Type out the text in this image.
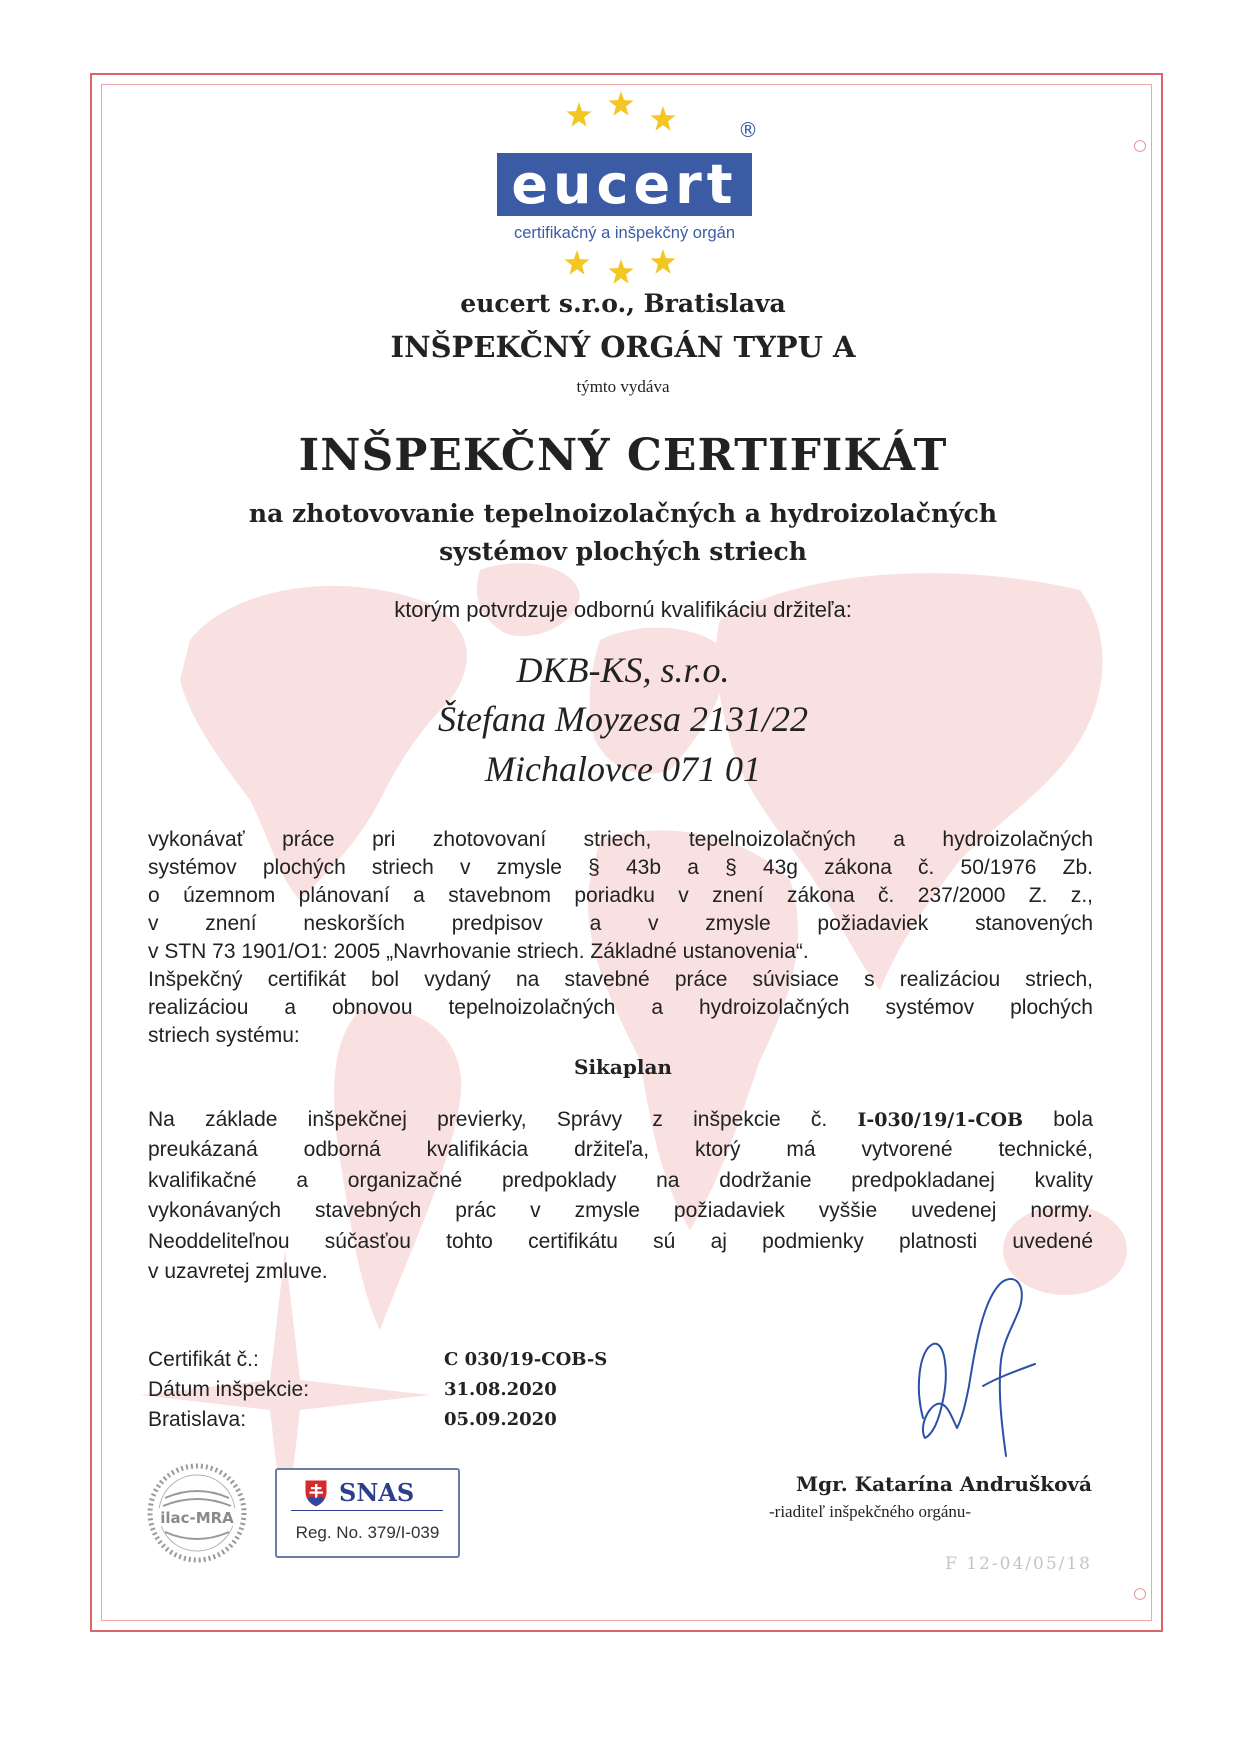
®
eucert
certifikačný a inšpekčný orgán
eucert s.r.o., Bratislava
INŠPEKČNÝ ORGÁN TYPU A
týmto vydáva
INŠPEKČNÝ CERTIFIKÁT
na zhotovovanie tepelnoizolačných a hydroizolačných
systémov plochých striech
ktorým potvrdzuje odbornú kvalifikáciu držiteľa:
DKB-KS, s.r.o.
Štefana Moyzesa 2131/22
Michalovce 071 01
vykonávať práce pri zhotovovaní striech, tepelnoizolačných a hydroizolačných
systémov plochých striech v zmysle § 43b a § 43g zákona č. 50/1976 Zb.
o územnom plánovaní a stavebnom poriadku v znení zákona č. 237/2000 Z. z.,
v znení neskorších predpisov a v zmysle požiadaviek stanovených
v STN 73 1901/O1: 2005 „Navrhovanie striech. Základné ustanovenia“.
Inšpekčný certifikát bol vydaný na stavebné práce súvisiace s realizáciou striech,
realizáciou a obnovou tepelnoizolačných a hydroizolačných systémov plochých
striech systému:
Sikaplan
Na základe inšpekčnej previerky, Správy z inšpekcie č. I-030/19/1-COB bola
preukázaná odborná kvalifikácia držiteľa, ktorý má vytvorené technické,
kvalifikačné a organizačné predpoklady na dodržanie predpokladanej kvality
vykonávaných stavebných prác v zmysle požiadaviek vyššie uvedenej normy.
Neoddeliteľnou súčasťou tohto certifikátu sú aj podmienky platnosti uvedené
v uzavretej zmluve.
Certifikát č.:	C 030/19-COB-S
Dátum inšpekcie:	31.08.2020
Bratislava:	05.09.2020
Mgr. Katarína Andrušková
-riaditeľ inšpekčného orgánu-
F 12-04/05/18
ilac-MRA
SNAS
Reg. No. 379/I-039
